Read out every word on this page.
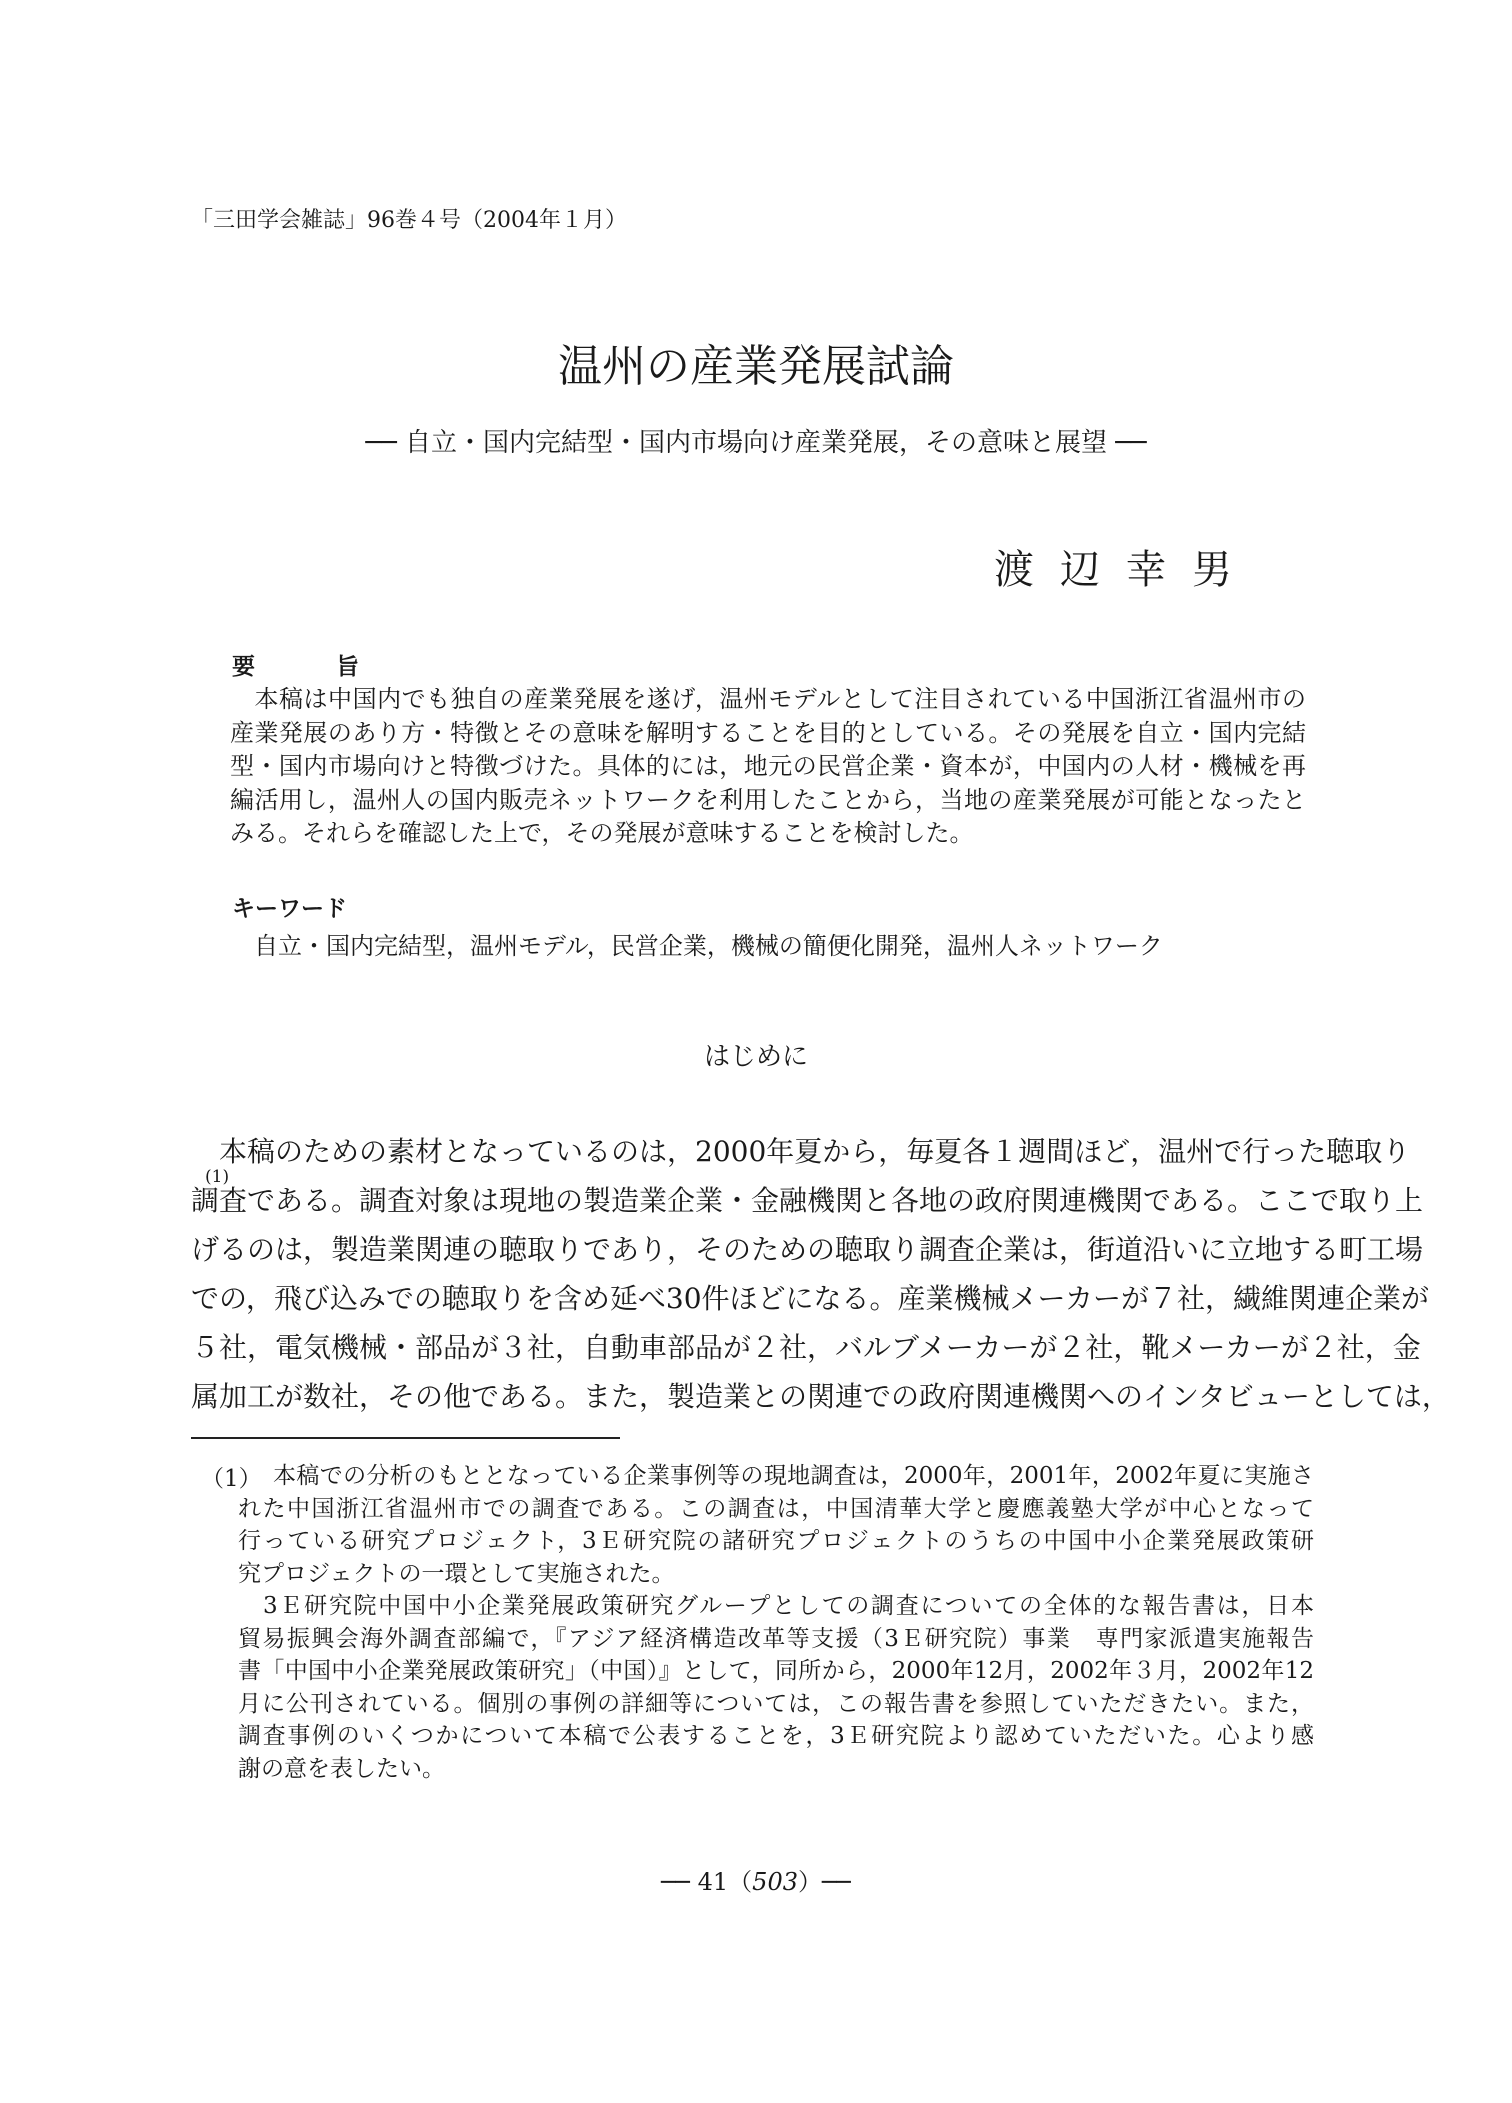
「三田学会雑誌」96巻４号（2004年１月）
温州の産業発展試論
── 自立・国内完結型・国内市場向け産業発展，その意味と展望 ──
渡辺幸男
要	旨
　本稿は中国内でも独自の産業発展を遂げ，温州モデルとして注目されている中国浙江省温州市の
産業発展のあり方・特徴とその意味を解明することを目的としている。その発展を自立・国内完結
型・国内市場向けと特徴づけた。具体的には，地元の民営企業・資本が，中国内の人材・機械を再
編活用し，温州人の国内販売ネットワークを利用したことから，当地の産業発展が可能となったと
みる。それらを確認した上で，その発展が意味することを検討した。
キーワード
自立・国内完結型，温州モデル，民営企業，機械の簡便化開発，温州人ネットワーク
はじめに
(1)
　本稿のための素材となっているのは，2000年夏から，毎夏各１週間ほど，温州で行った聴取り
調査である。調査対象は現地の製造業企業・金融機関と各地の政府関連機関である。ここで取り上
げるのは，製造業関連の聴取りであり，そのための聴取り調査企業は，街道沿いに立地する町工場
での，飛び込みでの聴取りを含め延べ30件ほどになる。産業機械メーカーが７社，繊維関連企業が
５社，電気機械・部品が３社，自動車部品が２社，バルブメーカーが２社，靴メーカーが２社，金
属加工が数社，その他である。また，製造業との関連での政府関連機関へのインタビューとしては，
（1） 本稿での分析のもととなっている企業事例等の現地調査は，2000年，2001年，2002年夏に実施さ
れた中国浙江省温州市での調査である。この調査は，中国清華大学と慶應義塾大学が中心となって
行っている研究プロジェクト，3Ｅ研究院の諸研究プロジェクトのうちの中国中小企業発展政策研
究プロジェクトの一環として実施された。
3Ｅ研究院中国中小企業発展政策研究グループとしての調査についての全体的な報告書は，日本
貿易振興会海外調査部編で，『アジア経済構造改革等支援（3Ｅ研究院）事業　専門家派遣実施報告
書「中国中小企業発展政策研究」（中国）』として，同所から，2000年12月，2002年３月，2002年12
月に公刊されている。個別の事例の詳細等については，この報告書を参照していただきたい。また，
調査事例のいくつかについて本稿で公表することを，3Ｅ研究院より認めていただいた。心より感
謝の意を表したい。
── 41（503）──
